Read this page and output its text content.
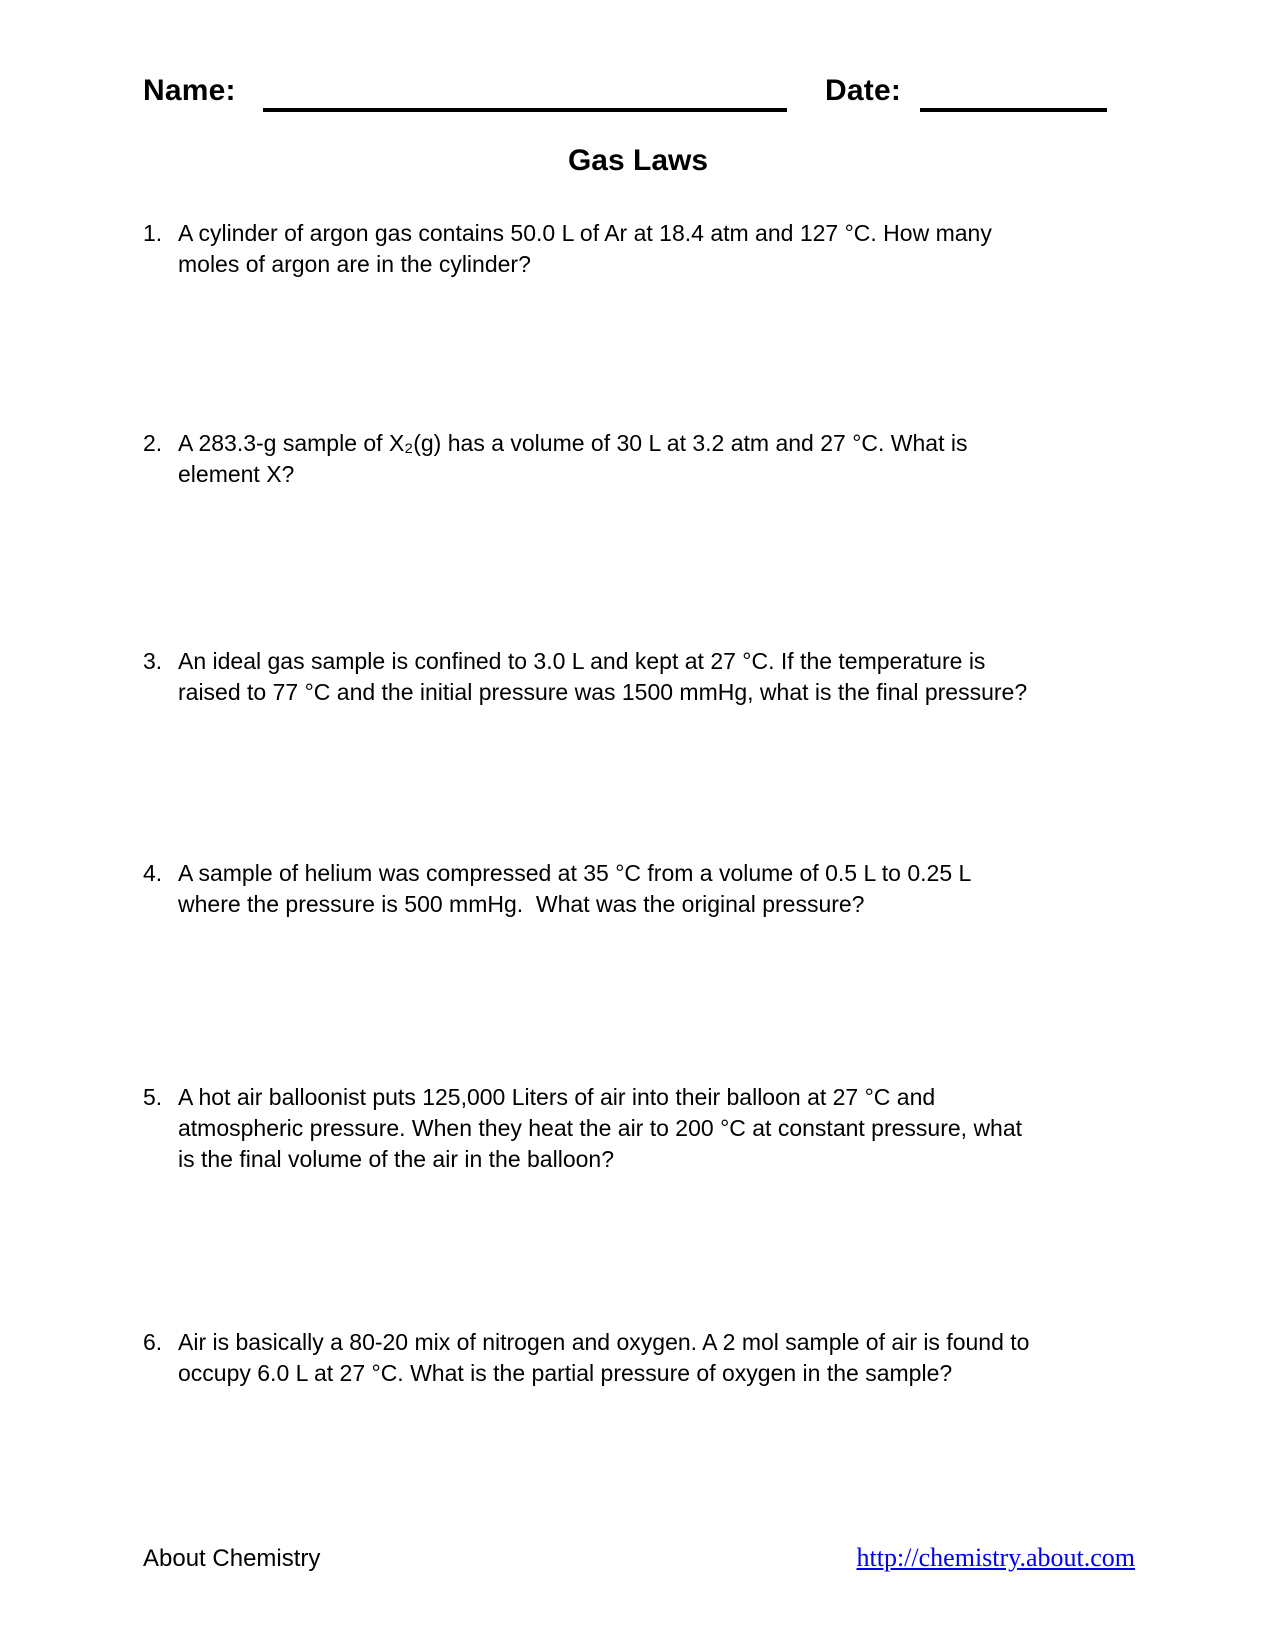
Name:	Date:
Gas Laws
1. A cylinder of argon gas contains 50.0 L of Ar at 18.4 atm and 127 °C. How many
moles of argon are in the cylinder?
2. A 283.3-g sample of X₂(g) has a volume of 30 L at 3.2 atm and 27 °C. What is
element X?
3. An ideal gas sample is confined to 3.0 L and kept at 27 °C. If the temperature is
raised to 77 °C and the initial pressure was 1500 mmHg, what is the final pressure?
4. A sample of helium was compressed at 35 °C from a volume of 0.5 L to 0.25 L
where the pressure is 500 mmHg.  What was the original pressure?
5. A hot air balloonist puts 125,000 Liters of air into their balloon at 27 °C and
atmospheric pressure. When they heat the air to 200 °C at constant pressure, what
is the final volume of the air in the balloon?
6. Air is basically a 80-20 mix of nitrogen and oxygen. A 2 mol sample of air is found to
occupy 6.0 L at 27 °C. What is the partial pressure of oxygen in the sample?
About Chemistry	http://chemistry.about.com
